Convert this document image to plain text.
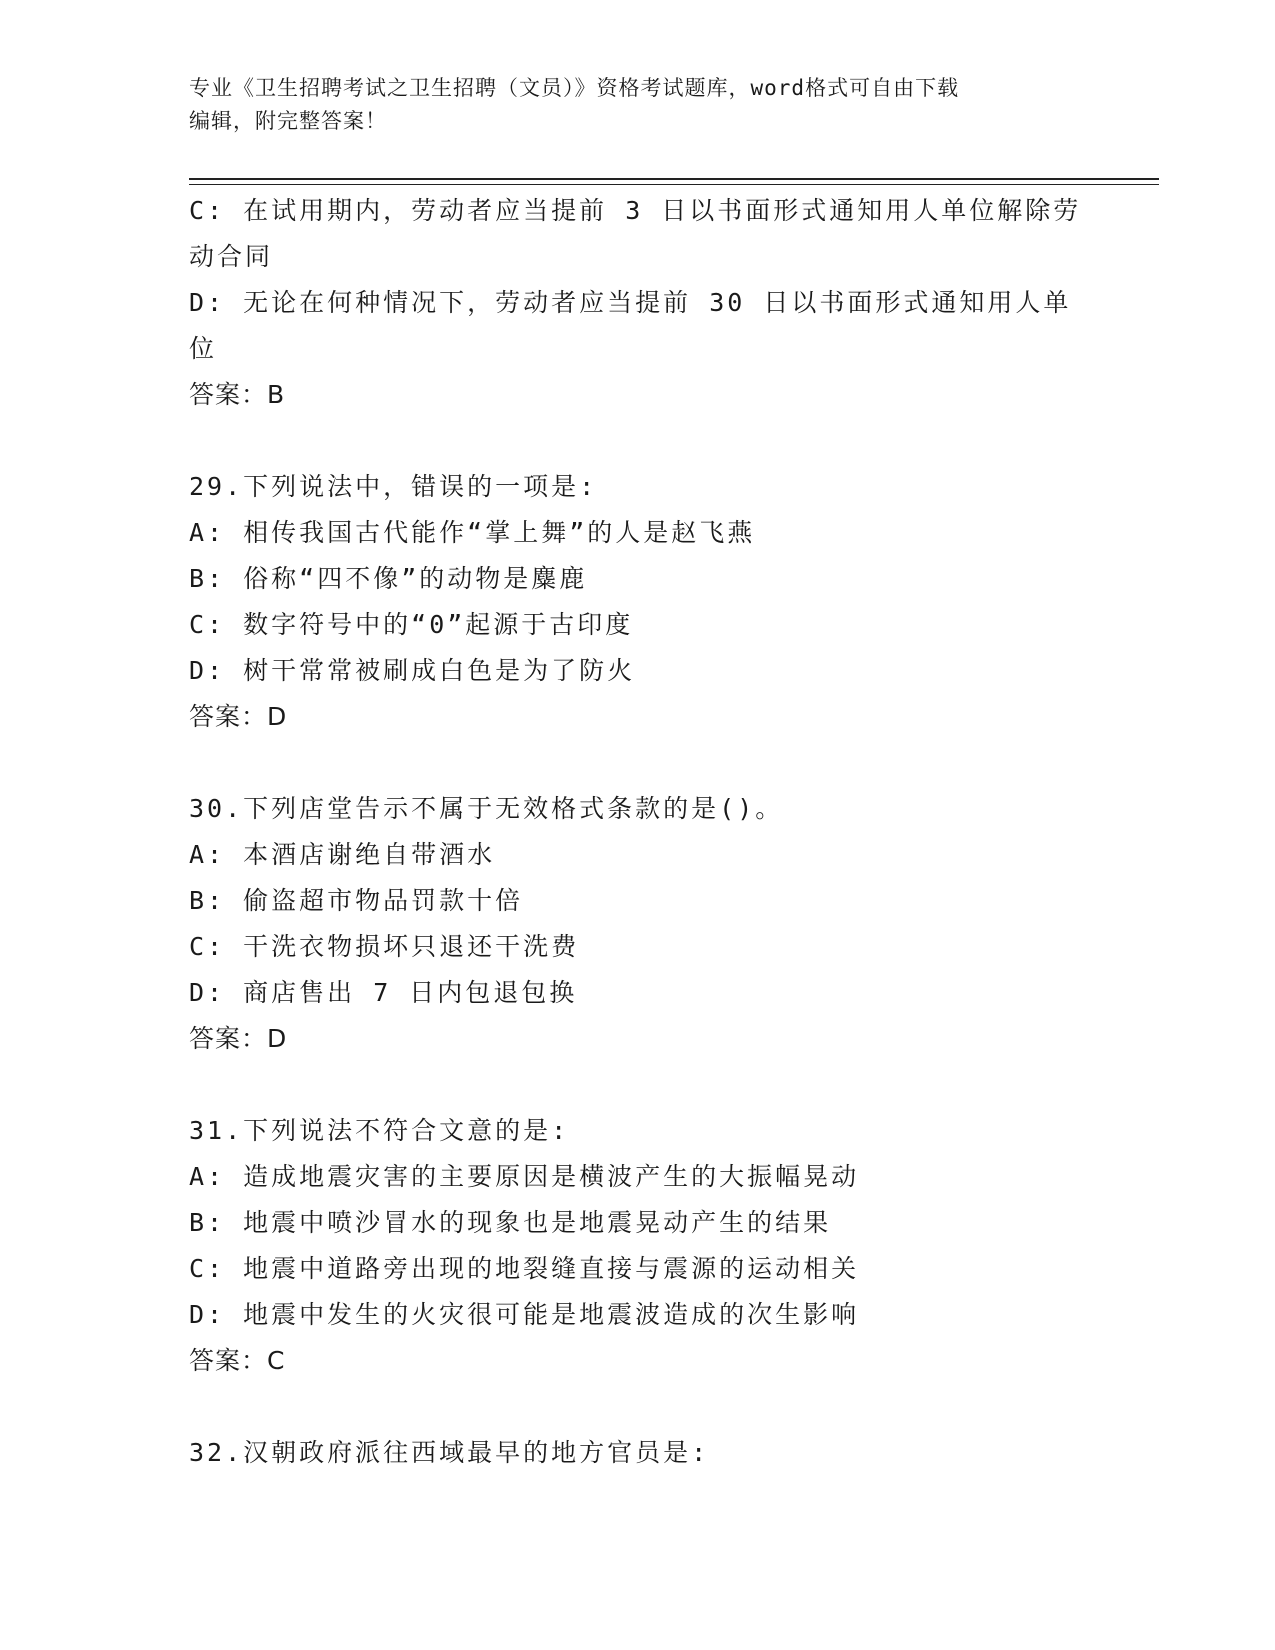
专业《卫生招聘考试之卫生招聘（文员）》资格考试题库，word格式可自由下载
编辑，附完整答案！
C: 在试用期内，劳动者应当提前 3 日以书面形式通知用人单位解除劳
动合同
D: 无论在何种情况下，劳动者应当提前 30 日以书面形式通知用人单
位
答案：B
29.下列说法中，错误的一项是:
A: 相传我国古代能作“掌上舞”的人是赵飞燕
B: 俗称“四不像”的动物是麋鹿
C: 数字符号中的“0”起源于古印度
D: 树干常常被刷成白色是为了防火
答案：D
30.下列店堂告示不属于无效格式条款的是()。
A: 本酒店谢绝自带酒水
B: 偷盗超市物品罚款十倍
C: 干洗衣物损坏只退还干洗费
D: 商店售出 7 日内包退包换
答案：D
31.下列说法不符合文意的是:
A: 造成地震灾害的主要原因是横波产生的大振幅晃动
B: 地震中喷沙冒水的现象也是地震晃动产生的结果
C: 地震中道路旁出现的地裂缝直接与震源的运动相关
D: 地震中发生的火灾很可能是地震波造成的次生影响
答案：C
32.汉朝政府派往西域最早的地方官员是:
